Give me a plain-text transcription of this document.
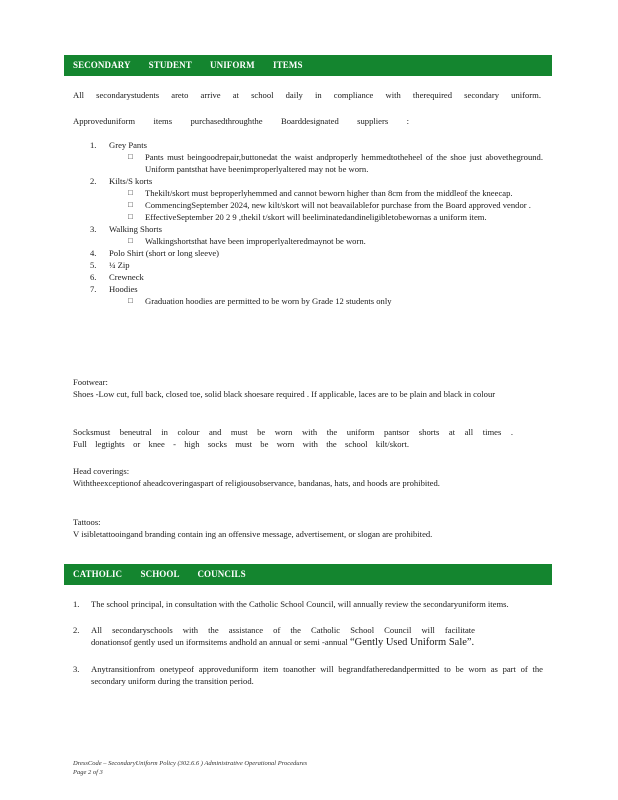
SECONDARY STUDENT UNIFORM ITEMS
All secondarystudents areto arrive at school daily in compliance with therequired secondary uniform.
Approveduniform items purchasedthroughthe Boarddesignated suppliers :
1. Grey Pants
□ Pants must beingoodrepair,buttonedat the waist andproperly hemmedtotheheel of the shoe just abovetheground. Uniform pantsthat have beenimproperlyaltered may not be worn.
2. Kilts/S korts
□ Thekilt/skort must beproperlyhemmed and cannot beworn higher than 8cm from the middleof the kneecap.
□ CommencingSeptember 2024, new kilt/skort will not beavailablefor purchase from the Board approved vendor .
□ EffectiveSeptember 20 2 9 ,thekil t/skort will beeliminatedandineligibletobewornas a uniform item.
3. Walking Shorts
□ Walkingshortsthat have been improperlyalteredmaynot be worn.
4. Polo Shirt (short or long sleeve)
5. ¼ Zip
6. Crewneck
7. Hoodies
□ Graduation hoodies are permitted to be worn by Grade 12 students only
Footwear:
Shoes -Low cut, full back, closed toe, solid black shoesare required . If applicable, laces are to be plain and black in colour
Socksmust beneutral in colour and must be worn with the uniform pantsor shorts at all times .
Full legtights or knee - high socks must be worn with the school kilt/skort.
Head coverings:
Withtheexceptionof aheadcoveringaspart of religiousobservance, bandanas, hats, and hoods are prohibited.
Tattoos:
V isibletattooingand branding contain ing an offensive message, advertisement, or slogan are prohibited.
CATHOLIC SCHOOL COUNCILS
1. The school principal, in consultation with the Catholic School Council, will annually review the secondaryuniform items.
2. All secondaryschools with the assistance of the Catholic School Council will facilitate
donationsof gently used un iformsitems andhold an annual or semi -annual “Gently Used Uniform Sale”.
3. Anytransitionfrom onetypeof approveduniform item toanother will begrandfatheredandpermitted to be worn as part of the secondary uniform during the transition period.
DressCode – SecondaryUniform Policy (302.6.6 ) Administrative Operational Procedures
Page 2 of 3
